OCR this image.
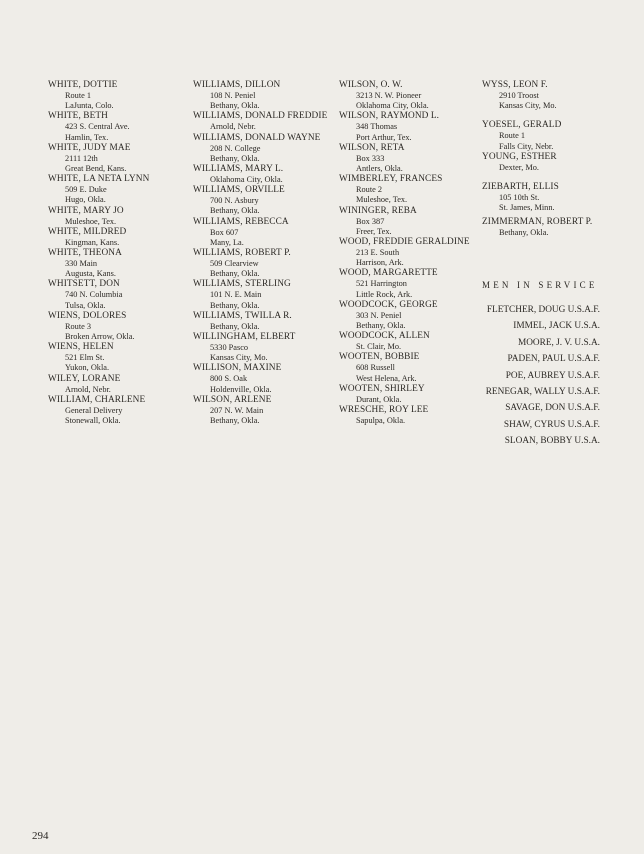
WHITE, DOTTIE
Route 1
LaJunta, Colo.
WHITE, BETH
423 S. Central Ave.
Hamlin, Tex.
WHITE, JUDY MAE
2111 12th
Great Bend, Kans.
WHITE, LA NETA LYNN
509 E. Duke
Hugo, Okla.
WHITE, MARY JO
Muleshoe, Tex.
WHITE, MILDRED
Kingman, Kans.
WHITE, THEONA
330 Main
Augusta, Kans.
WHITSETT, DON
740 N. Columbia
Tulsa, Okla.
WIENS, DOLORES
Route 3
Broken Arrow, Okla.
WIENS, HELEN
521 Elm St.
Yukon, Okla.
WILEY, LORANE
Arnold, Nebr.
WILLIAM, CHARLENE
General Delivery
Stonewall, Okla.
WILLIAMS, DILLON
108 N. Peniel
Bethany, Okla.
WILLIAMS, DONALD FREDDIE
Arnold, Nebr.
WILLIAMS, DONALD WAYNE
208 N. College
Bethany, Okla.
WILLIAMS, MARY L.
Oklahoma City, Okla.
WILLIAMS, ORVILLE
700 N. Asbury
Bethany, Okla.
WILLIAMS, REBECCA
Box 607
Many, La.
WILLIAMS, ROBERT P.
509 Clearview
Bethany, Okla.
WILLIAMS, STERLING
101 N. E. Main
Bethany, Okla.
WILLIAMS, TWILLA R.
Bethany, Okla.
WILLINGHAM, ELBERT
5330 Pasco
Kansas City, Mo.
WILLISON, MAXINE
800 S. Oak
Holdenville, Okla.
WILSON, ARLENE
207 N. W. Main
Bethany, Okla.
WILSON, O. W.
3213 N. W. Pioneer
Oklahoma City, Okla.
WILSON, RAYMOND L.
348 Thomas
Port Arthur, Tex.
WILSON, RETA
Box 333
Antlers, Okla.
WIMBERLEY, FRANCES
Route 2
Muleshoe, Tex.
WININGER, REBA
Box 387
Freer, Tex.
WOOD, FREDDIE GERALDINE
213 E. South
Harrison, Ark.
WOOD, MARGARETTE
521 Harrington
Little Rock, Ark.
WOODCOCK, GEORGE
303 N. Peniel
Bethany, Okla.
WOODCOCK, ALLEN
St. Clair, Mo.
WOOTEN, BOBBIE
608 Russell
West Helena, Ark.
WOOTEN, SHIRLEY
Durant, Okla.
WRESCHE, ROY LEE
Sapulpa, Okla.
WYSS, LEON F.
2910 Troost
Kansas City, Mo.
YOESEL, GERALD
Route 1
Falls City, Nebr.
YOUNG, ESTHER
Dexter, Mo.
ZIEBARTH, ELLIS
105 10th St.
St. James, Minn.
ZIMMERMAN, ROBERT P.
Bethany, Okla.
MEN IN SERVICE
FLETCHER, DOUG U.S.A.F.
IMMEL, JACK U.S.A.
MOORE, J. V. U.S.A.
PADEN, PAUL U.S.A.F.
POE, AUBREY U.S.A.F.
RENEGAR, WALLY U.S.A.F.
SAVAGE, DON U.S.A.F.
SHAW, CYRUS U.S.A.F.
SLOAN, BOBBY U.S.A.
294
